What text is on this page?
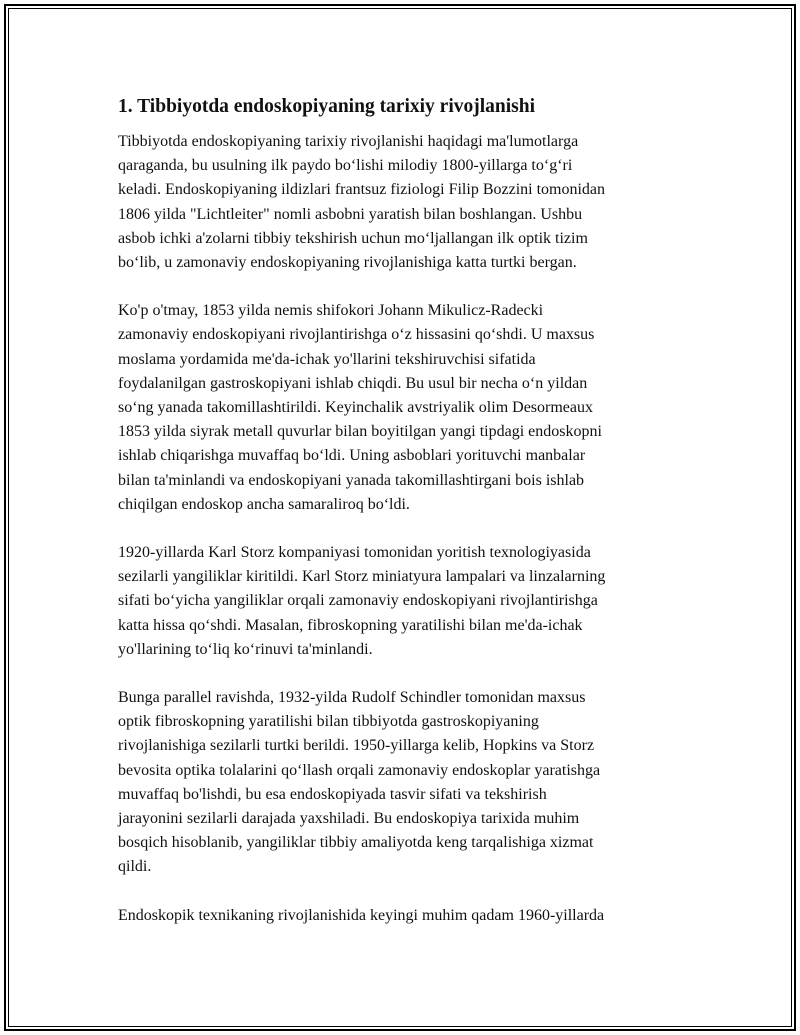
1. Tibbiyotda endoskopiyaning tarixiy rivojlanishi

Tibbiyotda endoskopiyaning tarixiy rivojlanishi haqidagi ma'lumotlarga
qaraganda, bu usulning ilk paydo bo‘lishi milodiy 1800-yillarga to‘g‘ri
keladi. Endoskopiyaning ildizlari frantsuz fiziologi Filip Bozzini tomonidan
1806 yilda "Lichtleiter" nomli asbobni yaratish bilan boshlangan. Ushbu
asbob ichki a'zolarni tibbiy tekshirish uchun mo‘ljallangan ilk optik tizim
bo‘lib, u zamonaviy endoskopiyaning rivojlanishiga katta turtki bergan.

Ko'p o'tmay, 1853 yilda nemis shifokori Johann Mikulicz-Radecki
zamonaviy endoskopiyani rivojlantirishga o‘z hissasini qo‘shdi. U maxsus
moslama yordamida me'da-ichak yo'llarini tekshiruvchisi sifatida
foydalanilgan gastroskopiyani ishlab chiqdi. Bu usul bir necha o‘n yildan
so‘ng yanada takomillashtirildi. Keyinchalik avstriyalik olim Desormeaux
1853 yilda siyrak metall quvurlar bilan boyitilgan yangi tipdagi endoskopni
ishlab chiqarishga muvaffaq bo‘ldi. Uning asboblari yorituvchi manbalar
bilan ta'minlandi va endoskopiyani yanada takomillashtirgani bois ishlab
chiqilgan endoskop ancha samaraliroq bo‘ldi.

1920-yillarda Karl Storz kompaniyasi tomonidan yoritish texnologiyasida
sezilarli yangiliklar kiritildi. Karl Storz miniatyura lampalari va linzalarning
sifati bo‘yicha yangiliklar orqali zamonaviy endoskopiyani rivojlantirishga
katta hissa qo‘shdi. Masalan, fibroskopning yaratilishi bilan me'da-ichak
yo'llarining to‘liq ko‘rinuvi ta'minlandi.

Bunga parallel ravishda, 1932-yilda Rudolf Schindler tomonidan maxsus
optik fibroskopning yaratilishi bilan tibbiyotda gastroskopiyaning
rivojlanishiga sezilarli turtki berildi. 1950-yillarga kelib, Hopkins va Storz
bevosita optika tolalarini qo‘llash orqali zamonaviy endoskoplar yaratishga
muvaffaq bo'lishdi, bu esa endoskopiyada tasvir sifati va tekshirish
jarayonini sezilarli darajada yaxshiladi. Bu endoskopiya tarixida muhim
bosqich hisoblanib, yangiliklar tibbiy amaliyotda keng tarqalishiga xizmat
qildi.

Endoskopik texnikaning rivojlanishida keyingi muhim qadam 1960-yillarda
